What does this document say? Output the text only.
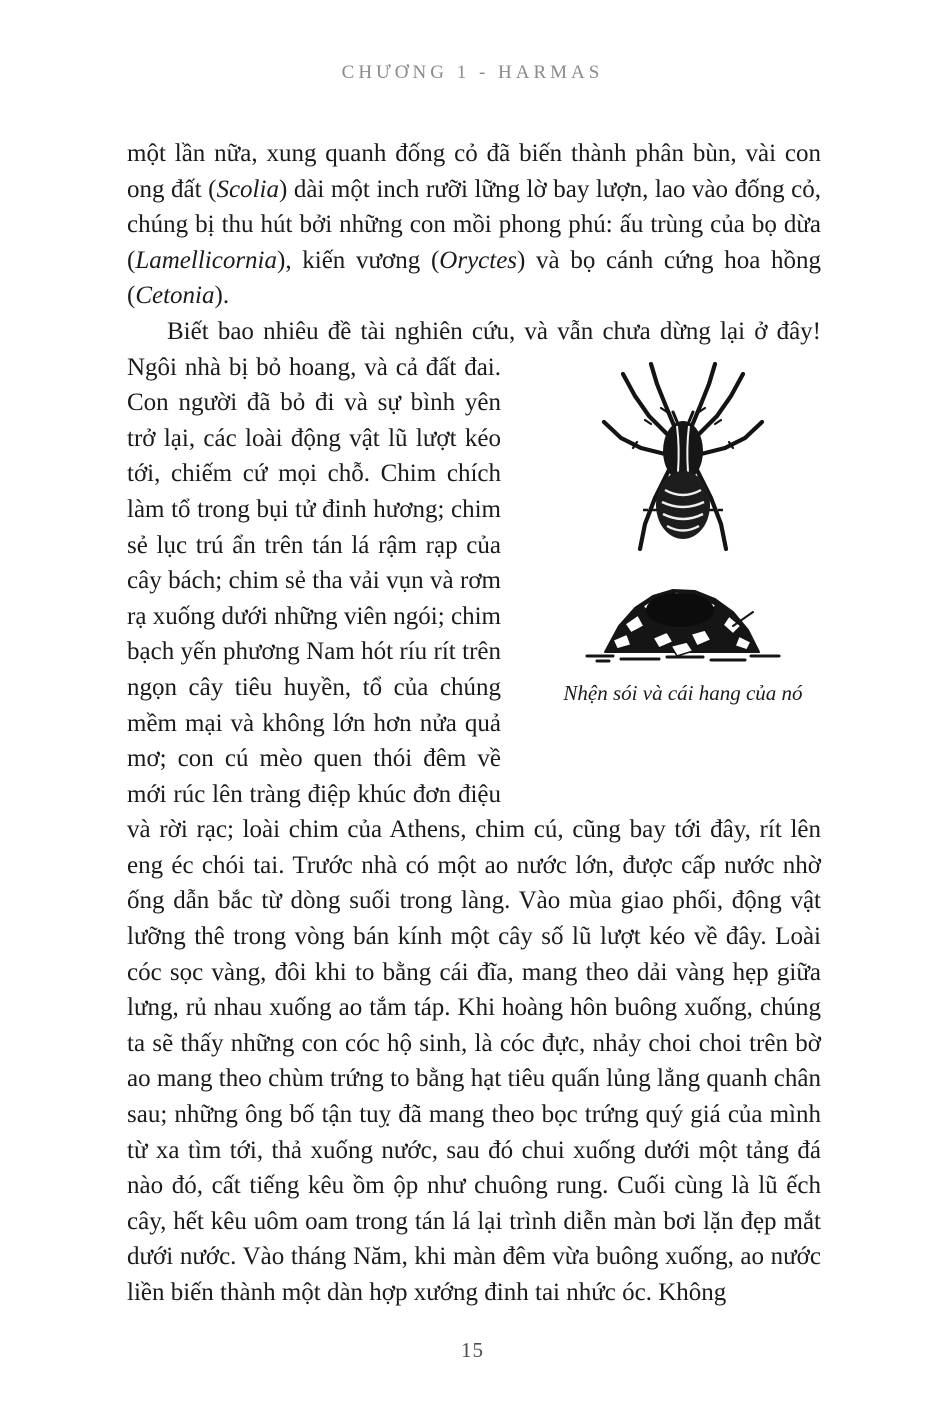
CHƯƠNG 1 - HARMAS

một lần nữa, xung quanh đống cỏ đã biến thành phân bùn, vài con ong đất (Scolia) dài một inch rưỡi lững lờ bay lượn, lao vào đống cỏ, chúng bị thu hút bởi những con mồi phong phú: ấu trùng của bọ dừa (Lamellicornia), kiến vương (Oryctes) và bọ cánh cứng hoa hồng (Cetonia).

Biết bao nhiêu đề tài nghiên cứu, và vẫn chưa dừng lại ở đây!
Nhện sói và cái hang của nó
Ngôi nhà bị bỏ hoang, và cả đất đai. Con người đã bỏ đi và sự bình yên trở lại, các loài động vật lũ lượt kéo tới, chiếm cứ mọi chỗ. Chim chích làm tổ trong bụi tử đinh hương; chim sẻ lục trú ẩn trên tán lá rậm rạp của cây bách; chim sẻ tha vải vụn và rơm rạ xuống dưới những viên ngói; chim bạch yến phương Nam hót ríu rít trên ngọn cây tiêu huyền, tổ của chúng mềm mại và không lớn hơn nửa quả mơ; con cú mèo quen thói đêm về mới rúc lên tràng điệp khúc đơn điệu và rời rạc; loài chim của Athens, chim cú, cũng bay tới đây, rít lên eng éc chói tai. Trước nhà có một ao nước lớn, được cấp nước nhờ ống dẫn bắc từ dòng suối trong làng. Vào mùa giao phối, động vật lưỡng thê trong vòng bán kính một cây số lũ lượt kéo về đây. Loài cóc sọc vàng, đôi khi to bằng cái đĩa, mang theo dải vàng hẹp giữa lưng, rủ nhau xuống ao tắm táp. Khi hoàng hôn buông xuống, chúng ta sẽ thấy những con cóc hộ sinh, là cóc đực, nhảy choi choi trên bờ ao mang theo chùm trứng to bằng hạt tiêu quấn lủng lẳng quanh chân sau; những ông bố tận tuỵ đã mang theo bọc trứng quý giá của mình từ xa tìm tới, thả xuống nước, sau đó chui xuống dưới một tảng đá nào đó, cất tiếng kêu ồm ộp như chuông rung. Cuối cùng là lũ ếch cây, hết kêu uôm oam trong tán lá lại trình diễn màn bơi lặn đẹp mắt dưới nước. Vào tháng Năm, khi màn đêm vừa buông xuống, ao nước liền biến thành một dàn hợp xướng đinh tai nhức óc. Không

15
